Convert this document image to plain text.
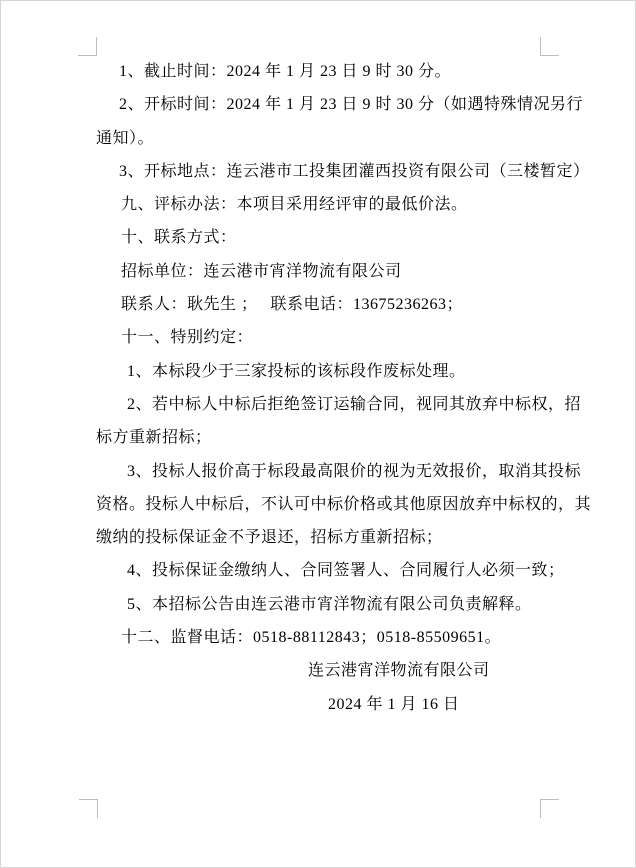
1、截止时间：2024 年 1 月 23 日 9 时 30 分。
2、开标时间：2024 年 1 月 23 日 9 时 30 分（如遇特殊情况另行
通知）。
3、开标地点：连云港市工投集团灌西投资有限公司（三楼暂定）
九、评标办法：本项目采用经评审的最低价法。
十、联系方式：
招标单位：连云港市宵洋物流有限公司
联系人：耿先生 ；　 联系电话：13675236263；
十一、特别约定：
1、本标段少于三家投标的该标段作废标处理。
2、若中标人中标后拒绝签订运输合同，视同其放弃中标权，招
标方重新招标；
3、投标人报价高于标段最高限价的视为无效报价，取消其投标
资格。投标人中标后，不认可中标价格或其他原因放弃中标权的，其
缴纳的投标保证金不予退还，招标方重新招标；
4、投标保证金缴纳人、合同签署人、合同履行人必须一致；
5、本招标公告由连云港市宵洋物流有限公司负责解释。
十二、监督电话：0518-88112843；0518-85509651。
连云港宵洋物流有限公司
2024 年 1 月 16 日
